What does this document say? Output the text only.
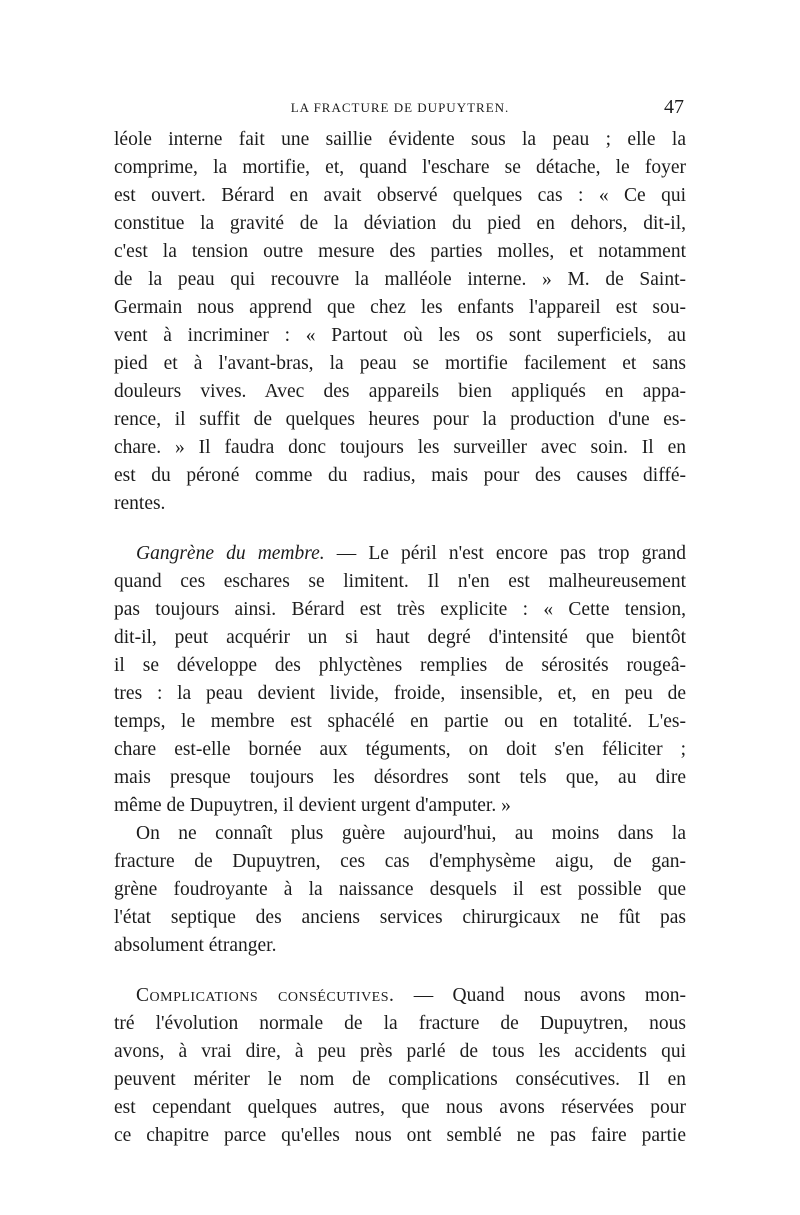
LA FRACTURE DE DUPUYTREN.	47
léole interne fait une saillie évidente sous la peau ; elle la
comprime, la mortifie, et, quand l'eschare se détache, le foyer
est ouvert. Bérard en avait observé quelques cas : « Ce qui
constitue la gravité de la déviation du pied en dehors, dit-il,
c'est la tension outre mesure des parties molles, et notamment
de la peau qui recouvre la malléole interne. » M. de Saint-
Germain nous apprend que chez les enfants l'appareil est sou-
vent à incriminer : « Partout où les os sont superficiels, au
pied et à l'avant-bras, la peau se mortifie facilement et sans
douleurs vives. Avec des appareils bien appliqués en appa-
rence, il suffit de quelques heures pour la production d'une es-
chare. » Il faudra donc toujours les surveiller avec soin. Il en
est du péroné comme du radius, mais pour des causes diffé-
rentes.
Gangrène du membre. — Le péril n'est encore pas trop grand
quand ces eschares se limitent. Il n'en est malheureusement
pas toujours ainsi. Bérard est très explicite : « Cette tension,
dit-il, peut acquérir un si haut degré d'intensité que bientôt
il se développe des phlyctènes remplies de sérosités rougeâ-
tres : la peau devient livide, froide, insensible, et, en peu de
temps, le membre est sphacélé en partie ou en totalité. L'es-
chare est-elle bornée aux téguments, on doit s'en féliciter ;
mais presque toujours les désordres sont tels que, au dire
même de Dupuytren, il devient urgent d'amputer. »
On ne connaît plus guère aujourd'hui, au moins dans la
fracture de Dupuytren, ces cas d'emphysème aigu, de gan-
grène foudroyante à la naissance desquels il est possible que
l'état septique des anciens services chirurgicaux ne fût pas
absolument étranger.
Complications consécutives. — Quand nous avons mon-
tré l'évolution normale de la fracture de Dupuytren, nous
avons, à vrai dire, à peu près parlé de tous les accidents qui
peuvent mériter le nom de complications consécutives. Il en
est cependant quelques autres, que nous avons réservées pour
ce chapitre parce qu'elles nous ont semblé ne pas faire partie
